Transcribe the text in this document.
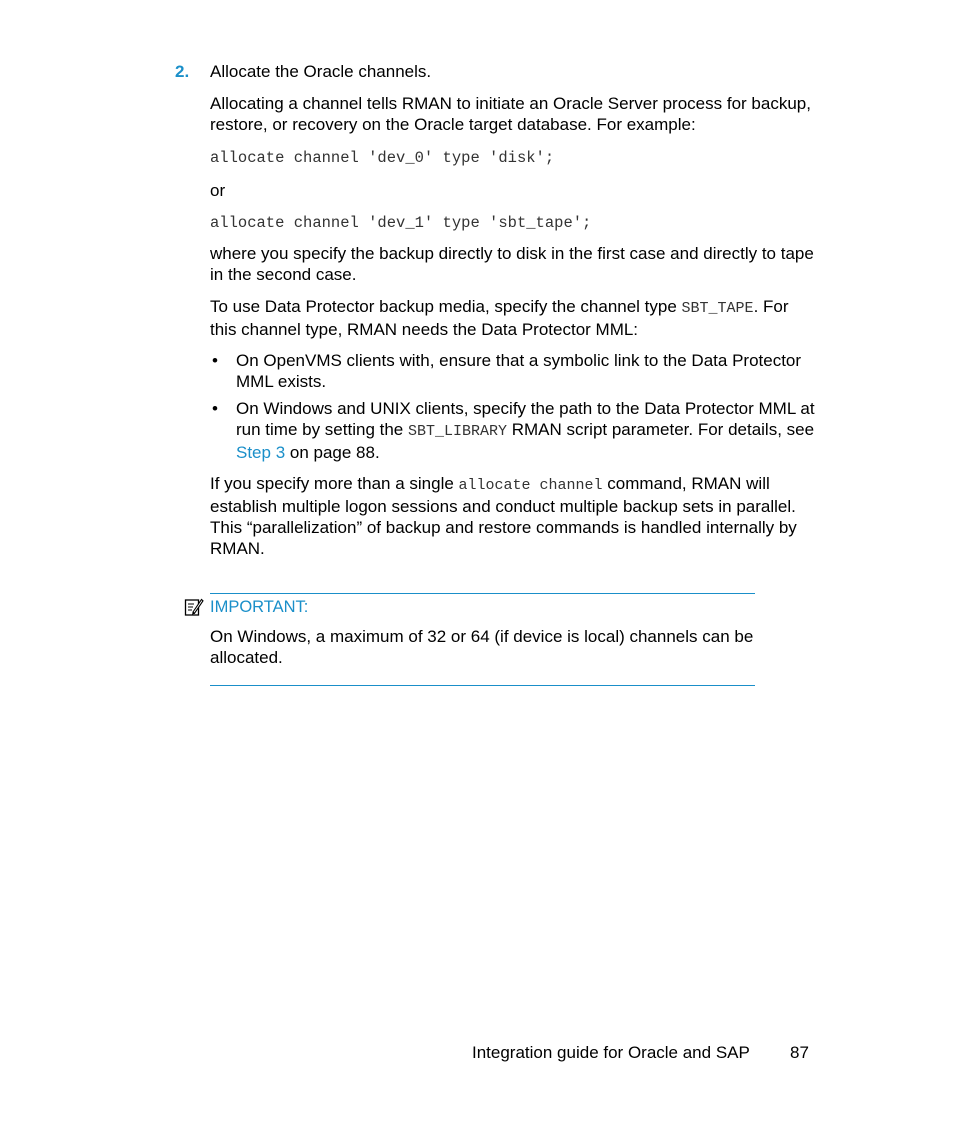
2. Allocate the Oracle channels.
Allocating a channel tells RMAN to initiate an Oracle Server process for backup, restore, or recovery on the Oracle target database. For example:
allocate channel 'dev_0' type 'disk';
or
allocate channel 'dev_1' type 'sbt_tape';
where you specify the backup directly to disk in the first case and directly to tape in the second case.
To use Data Protector backup media, specify the channel type SBT_TAPE. For this channel type, RMAN needs the Data Protector MML:
• On OpenVMS clients with, ensure that a symbolic link to the Data Protector MML exists.
• On Windows and UNIX clients, specify the path to the Data Protector MML at run time by setting the SBT_LIBRARY RMAN script parameter. For details, see Step 3 on page 88.
If you specify more than a single allocate channel command, RMAN will establish multiple logon sessions and conduct multiple backup sets in parallel. This “parallelization” of backup and restore commands is handled internally by RMAN.
IMPORTANT:
On Windows, a maximum of 32 or 64 (if device is local) channels can be allocated.
Integration guide for Oracle and SAP 87
